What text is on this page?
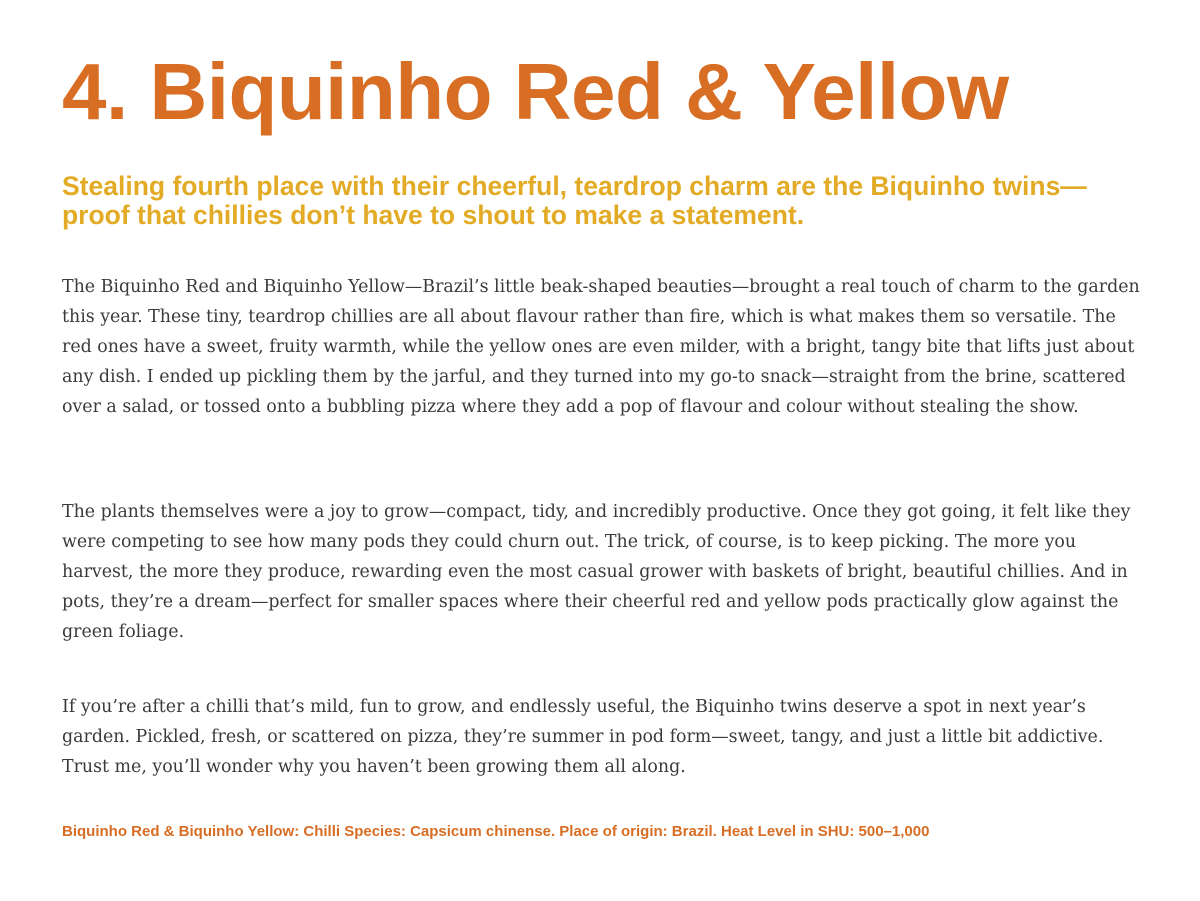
4. Biquinho Red & Yellow

Stealing fourth place with their cheerful, teardrop charm are the Biquinho twins—proof that chillies don’t have to shout to make a statement.

The Biquinho Red and Biquinho Yellow—Brazil’s little beak-shaped beauties—brought a real touch of charm to the garden this year. These tiny, teardrop chillies are all about flavour rather than fire, which is what makes them so versatile. The red ones have a sweet, fruity warmth, while the yellow ones are even milder, with a bright, tangy bite that lifts just about any dish. I ended up pickling them by the jarful, and they turned into my go-to snack—straight from the brine, scattered over a salad, or tossed onto a bubbling pizza where they add a pop of flavour and colour without stealing the show.

The plants themselves were a joy to grow—compact, tidy, and incredibly productive. Once they got going, it felt like they were competing to see how many pods they could churn out. The trick, of course, is to keep picking. The more you harvest, the more they produce, rewarding even the most casual grower with baskets of bright, beautiful chillies. And in pots, they’re a dream—perfect for smaller spaces where their cheerful red and yellow pods practically glow against the green foliage.

If you’re after a chilli that’s mild, fun to grow, and endlessly useful, the Biquinho twins deserve a spot in next year’s garden. Pickled, fresh, or scattered on pizza, they’re summer in pod form—sweet, tangy, and just a little bit addictive. Trust me, you’ll wonder why you haven’t been growing them all along.

Biquinho Red & Biquinho Yellow: Chilli Species: Capsicum chinense. Place of origin: Brazil. Heat Level in SHU: 500–1,000
